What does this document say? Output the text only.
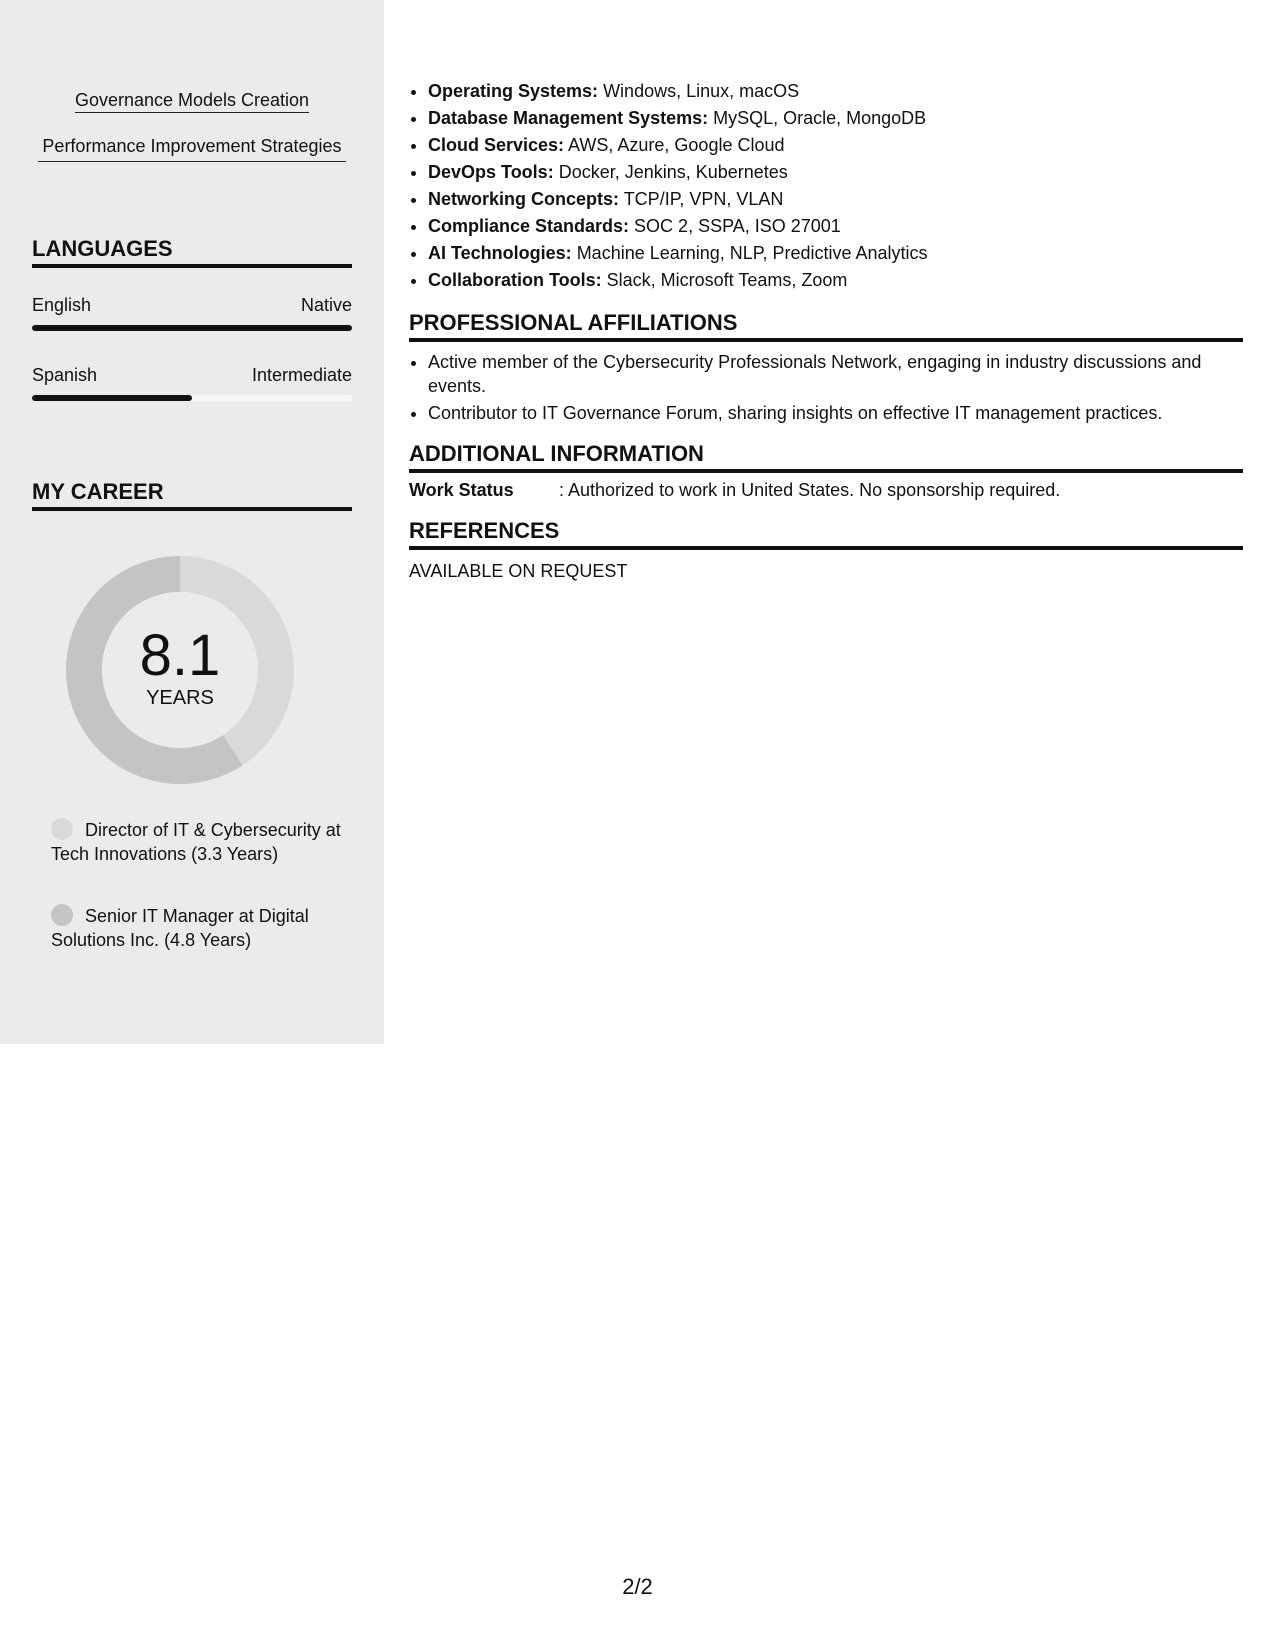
Governance Models Creation
Performance Improvement Strategies
LANGUAGES
English	Native
Spanish	Intermediate
MY CAREER
8.1
YEARS
Director of IT & Cybersecurity at Tech Innovations (3.3 Years)
Senior IT Manager at Digital Solutions Inc. (4.8 Years)
• Operating Systems: Windows, Linux, macOS
• Database Management Systems: MySQL, Oracle, MongoDB
• Cloud Services: AWS, Azure, Google Cloud
• DevOps Tools: Docker, Jenkins, Kubernetes
• Networking Concepts: TCP/IP, VPN, VLAN
• Compliance Standards: SOC 2, SSPA, ISO 27001
• AI Technologies: Machine Learning, NLP, Predictive Analytics
• Collaboration Tools: Slack, Microsoft Teams, Zoom
PROFESSIONAL AFFILIATIONS
• Active member of the Cybersecurity Professionals Network, engaging in industry discussions and events.
• Contributor to IT Governance Forum, sharing insights on effective IT management practices.
ADDITIONAL INFORMATION
Work Status	: Authorized to work in United States. No sponsorship required.
REFERENCES
AVAILABLE ON REQUEST
2/2
